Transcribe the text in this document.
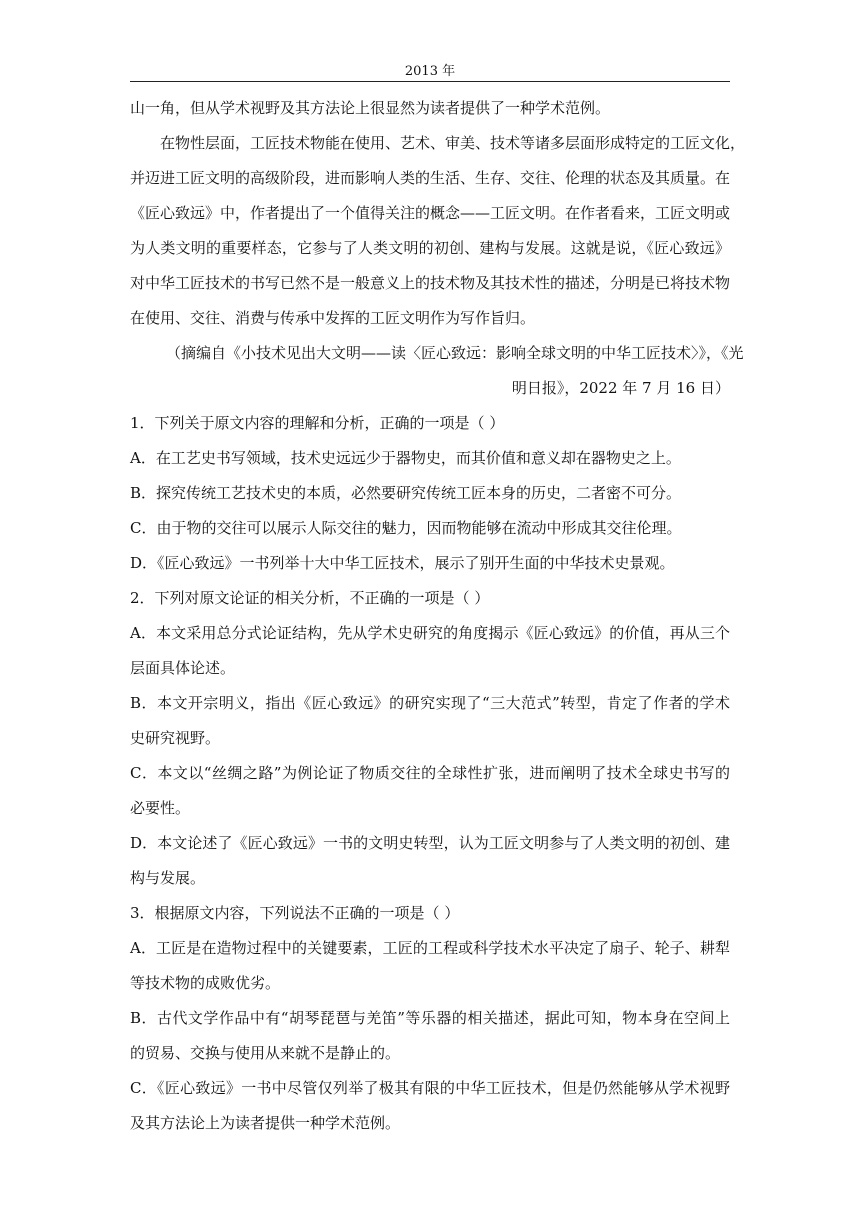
2013 年
山一角，但从学术视野及其方法论上很显然为读者提供了一种学术范例。
在物性层面，工匠技术物能在使用、艺术、审美、技术等诸多层面形成特定的工匠文化，
并迈进工匠文明的高级阶段，进而影响人类的生活、生存、交往、伦理的状态及其质量。在
《匠心致远》中，作者提出了一个值得关注的概念——工匠文明。在作者看来，工匠文明或
为人类文明的重要样态，它参与了人类文明的初创、建构与发展。这就是说，《匠心致远》
对中华工匠技术的书写已然不是一般意义上的技术物及其技术性的描述，分明是已将技术物
在使用、交往、消费与传承中发挥的工匠文明作为写作旨归。
（摘编自《小技术见出大文明——读〈匠心致远：影响全球文明的中华工匠技术〉》，《光
明日报》，2022 年 7 月 16 日）
1．下列关于原文内容的理解和分析，正确的一项是（ ）
A．在工艺史书写领域，技术史远远少于器物史，而其价值和意义却在器物史之上。
B．探究传统工艺技术史的本质，必然要研究传统工匠本身的历史，二者密不可分。
C．由于物的交往可以展示人际交往的魅力，因而物能够在流动中形成其交往伦理。
D．《匠心致远》一书列举十大中华工匠技术，展示了别开生面的中华技术史景观。
2．下列对原文论证的相关分析，不正确的一项是（ ）
A．本文采用总分式论证结构，先从学术史研究的角度揭示《匠心致远》的价值，再从三个
层面具体论述。
B．本文开宗明义，指出《匠心致远》的研究实现了“三大范式”转型，肯定了作者的学术
史研究视野。
C．本文以“丝绸之路”为例论证了物质交往的全球性扩张，进而阐明了技术全球史书写的
必要性。
D．本文论述了《匠心致远》一书的文明史转型，认为工匠文明参与了人类文明的初创、建
构与发展。
3．根据原文内容，下列说法不正确的一项是（ ）
A．工匠是在造物过程中的关键要素，工匠的工程或科学技术水平决定了扇子、轮子、耕犁
等技术物的成败优劣。
B．古代文学作品中有“胡琴琵琶与羌笛”等乐器的相关描述，据此可知，物本身在空间上
的贸易、交换与使用从来就不是静止的。
C．《匠心致远》一书中尽管仅列举了极其有限的中华工匠技术，但是仍然能够从学术视野
及其方法论上为读者提供一种学术范例。
